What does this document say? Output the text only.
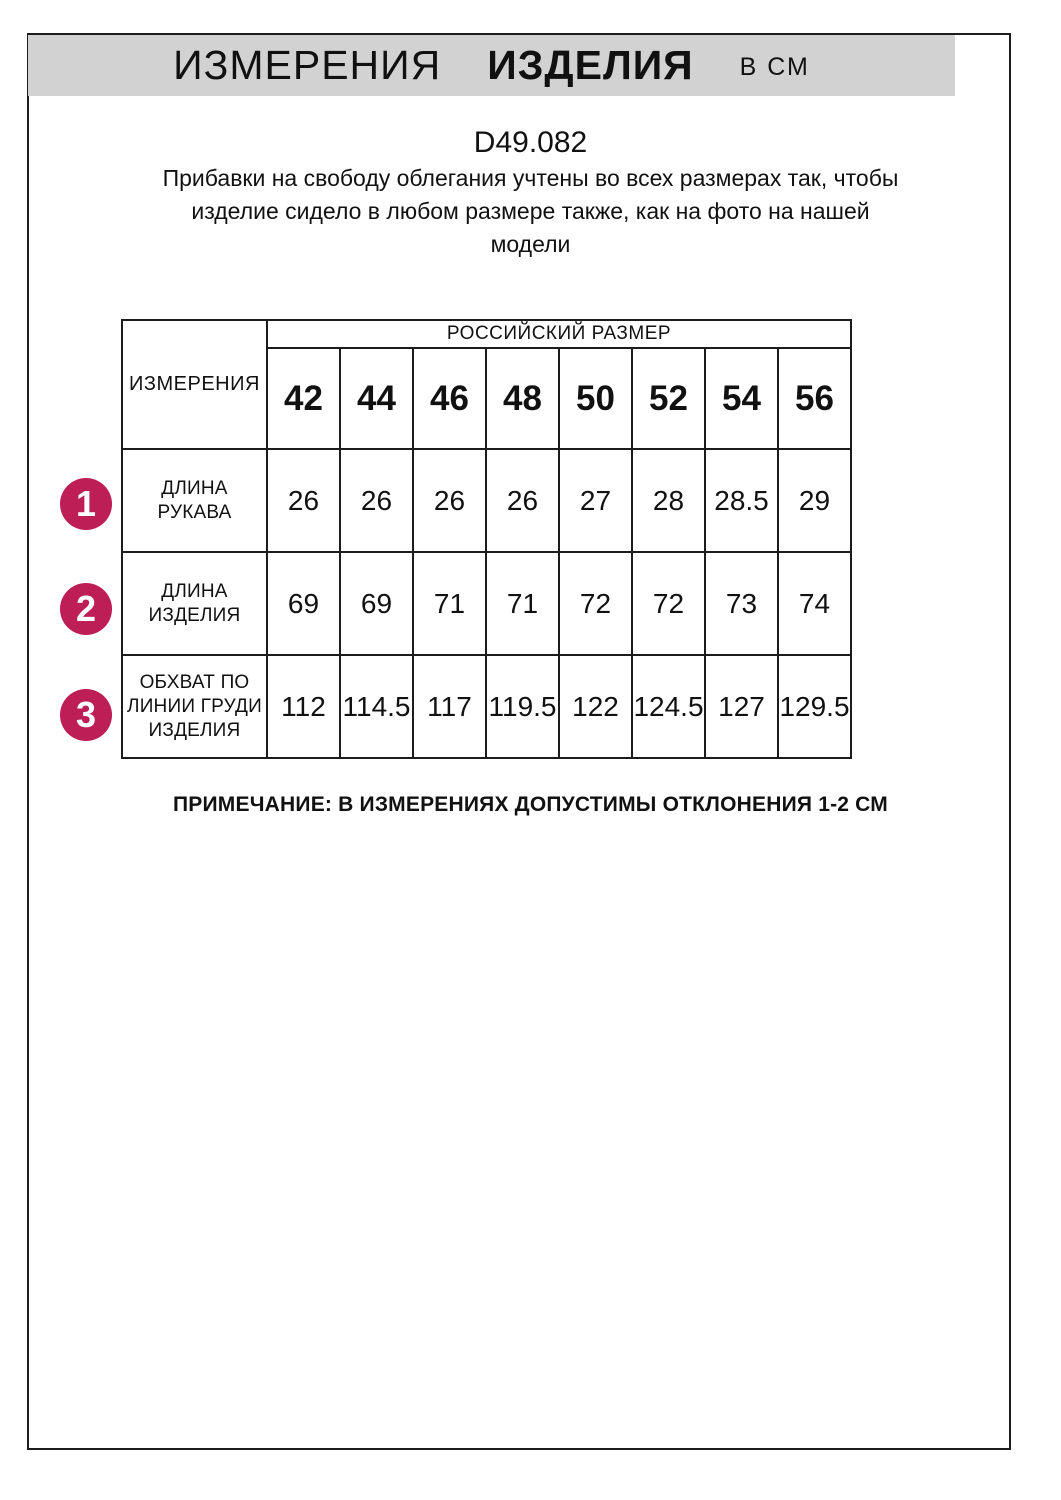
ИЗМЕРЕНИЯ ИЗДЕЛИЯ В СМ
D49.082
Прибавки на свободу облегания учтены во всех размерах так, чтобы
изделие сидело в любом размере также, как на фото на нашей
модели
ИЗМЕРЕНИЯ	РОССИЙСКИЙ РАЗМЕР							
	42	44	46	48	50	52	54	56
ДЛИНА РУКАВА	26	26	26	26	27	28	28.5	29
ДЛИНА ИЗДЕЛИЯ	69	69	71	71	72	72	73	74
ОБХВАТ ПО ЛИНИИ ГРУДИ ИЗДЕЛИЯ	112	114.5	117	119.5	122	124.5	127	129.5
1
2
3
ПРИМЕЧАНИЕ: В ИЗМЕРЕНИЯХ ДОПУСТИМЫ ОТКЛОНЕНИЯ 1-2 СМ
